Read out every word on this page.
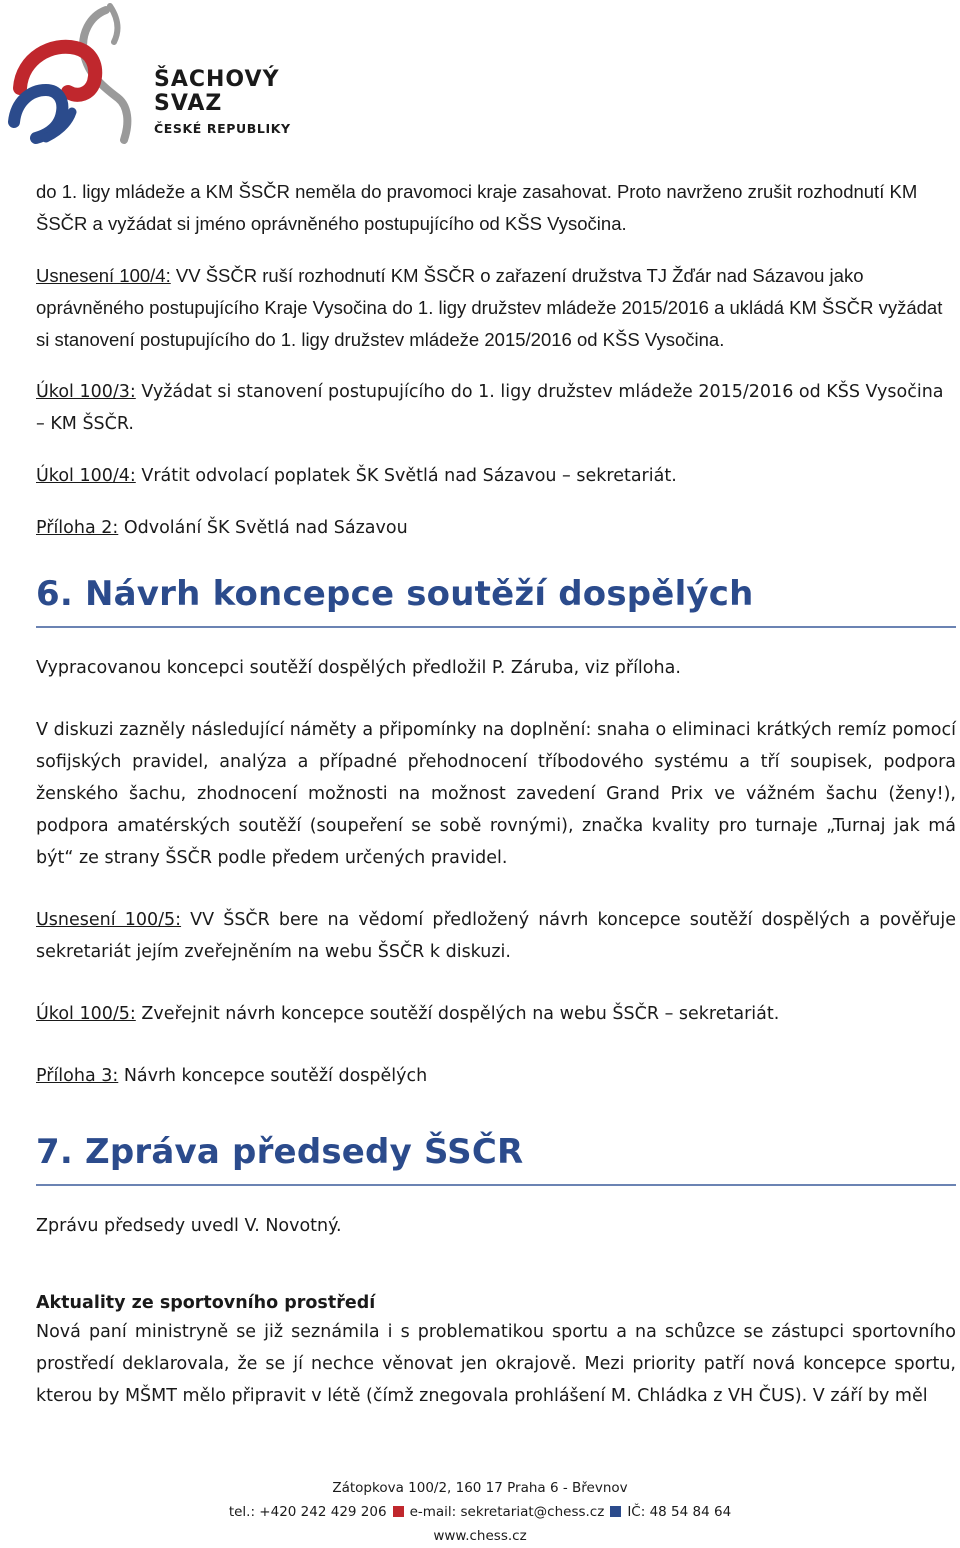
ŠACHOVÝ
SVAZ
ČESKÉ REPUBLIKY

do 1. ligy mládeže a KM ŠSČR neměla do pravomoci kraje zasahovat. Proto navrženo zrušit rozhodnutí KM ŠSČR a vyžádat si jméno oprávněného postupujícího od KŠS Vysočina.

Usnesení 100/4: VV ŠSČR ruší rozhodnutí KM ŠSČR o zařazení družstva TJ Žďár nad Sázavou jako oprávněného postupujícího Kraje Vysočina do 1. ligy družstev mládeže 2015/2016 a ukládá KM ŠSČR vyžádat si stanovení postupujícího do 1. ligy družstev mládeže 2015/2016 od KŠS Vysočina.

Úkol 100/3: Vyžádat si stanovení postupujícího do 1. ligy družstev mládeže 2015/2016 od KŠS Vysočina – KM ŠSČR.

Úkol 100/4: Vrátit odvolací poplatek ŠK Světlá nad Sázavou – sekretariát.

Příloha 2: Odvolání ŠK Světlá nad Sázavou

6. Návrh koncepce soutěží dospělých

Vypracovanou koncepci soutěží dospělých předložil P. Záruba, viz příloha.

V diskuzi zazněly následující náměty a připomínky na doplnění: snaha o eliminaci krátkých remíz pomocí sofijských pravidel, analýza a případné přehodnocení tříbodového systému a tří soupisek, podpora ženského šachu, zhodnocení možnosti na možnost zavedení Grand Prix ve vážném šachu (ženy!), podpora amatérských soutěží (soupeření se sobě rovnými), značka kvality pro turnaje „Turnaj jak má být“ ze strany ŠSČR podle předem určených pravidel.

Usnesení 100/5: VV ŠSČR bere na vědomí předložený návrh koncepce soutěží dospělých a pověřuje sekretariát jejím zveřejněním na webu ŠSČR k diskuzi.

Úkol 100/5: Zveřejnit návrh koncepce soutěží dospělých na webu ŠSČR – sekretariát.

Příloha 3: Návrh koncepce soutěží dospělých

7. Zpráva předsedy ŠSČR

Zprávu předsedy uvedl V. Novotný.

Aktuality ze sportovního prostředí

Nová paní ministryně se již seznámila i s problematikou sportu a na schůzce se zástupci sportovního prostředí deklarovala, že se jí nechce věnovat jen okrajově. Mezi priority patří nová koncepce sportu, kterou by MŠMT mělo připravit v létě (čímž znegovala prohlášení M. Chládka z VH ČUS). V září by měl

Zátopkova 100/2, 160 17 Praha 6 - Břevnov
tel.: +420 242 429 206 e-mail: sekretariat@chess.cz IČ: 48 54 84 64
www.chess.cz
